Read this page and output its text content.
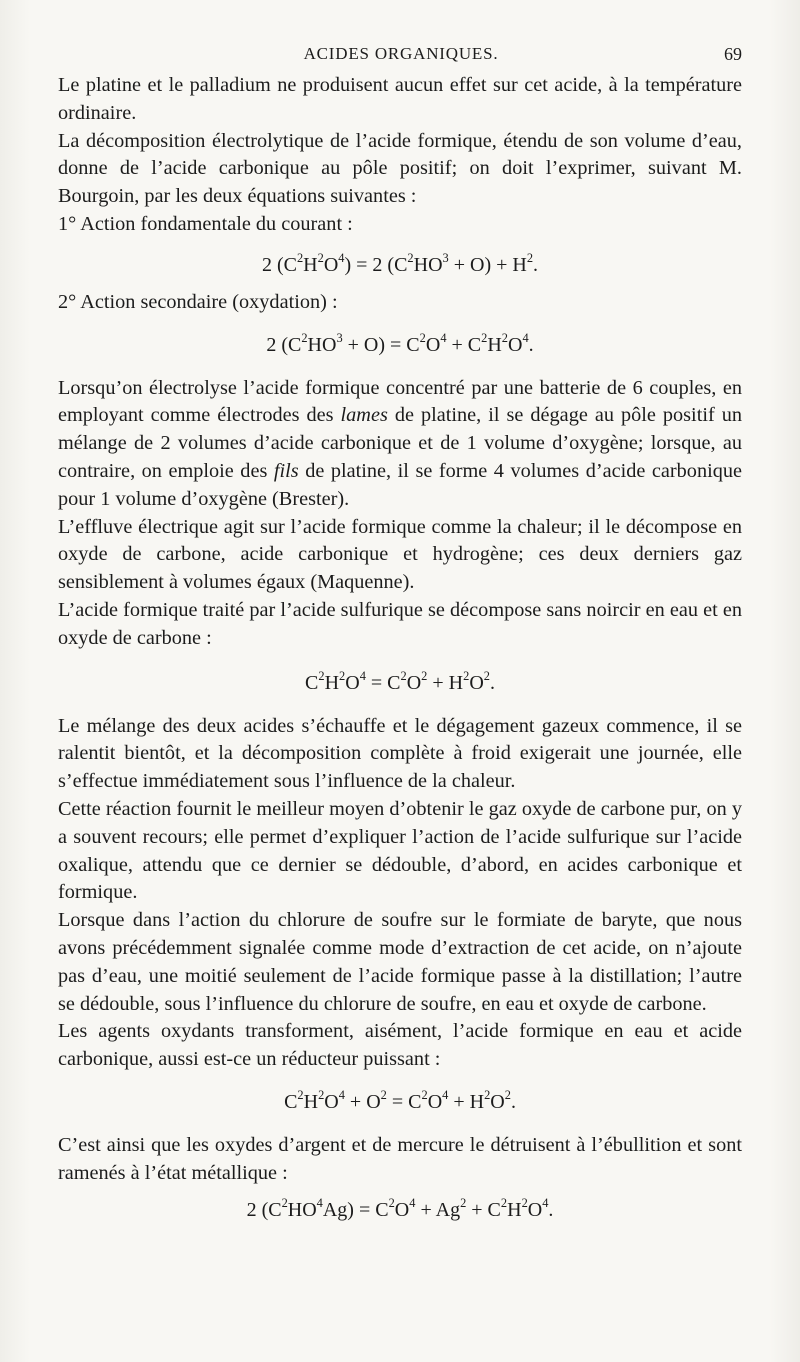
ACIDES ORGANIQUES.	69

Le platine et le palladium ne produisent aucun effet sur cet acide, à la température ordinaire.

La décomposition électrolytique de l’acide formique, étendu de son volume d’eau, donne de l’acide carbonique au pôle positif; on doit l’exprimer, suivant M. Bourgoin, par les deux équations suivantes :

1° Action fondamentale du courant :

2 $(C^2H^2O^4) = 2$ $(C^2HO^3 + O) + H^2$.

2° Action secondaire (oxydation) :

2 $(C^2HO^3 + O) = C^2O^4 + C^2H^2O^4$.

Lorsqu’on électrolyse l’acide formique concentré par une batterie de 6 couples, en employant comme électrodes des lames de platine, il se dégage au pôle positif un mélange de 2 volumes d’acide carbonique et de 1 volume d’oxygène; lorsque, au contraire, on emploie des fils de platine, il se forme 4 volumes d’acide carbonique pour 1 volume d’oxygène (Brester).

L’effluve électrique agit sur l’acide formique comme la chaleur; il le décompose en oxyde de carbone, acide carbonique et hydrogène; ces deux derniers gaz sensiblement à volumes égaux (Maquenne).

L’acide formique traité par l’acide sulfurique se décompose sans noircir en eau et en oxyde de carbone :

$C^2H^2O^4 = C^2O^2 + H^2O^2$.

Le mélange des deux acides s’échauffe et le dégagement gazeux commence, il se ralentit bientôt, et la décomposition complète à froid exigerait une journée, elle s’effectue immédiatement sous l’influence de la chaleur.

Cette réaction fournit le meilleur moyen d’obtenir le gaz oxyde de carbone pur, on y a souvent recours; elle permet d’expliquer l’action de l’acide sulfurique sur l’acide oxalique, attendu que ce dernier se dédouble, d’abord, en acides carbonique et formique.

Lorsque dans l’action du chlorure de soufre sur le formiate de baryte, que nous avons précédemment signalée comme mode d’extraction de cet acide, on n’ajoute pas d’eau, une moitié seulement de l’acide formique passe à la distillation; l’autre se dédouble, sous l’influence du chlorure de soufre, en eau et oxyde de carbone.

Les agents oxydants transforment, aisément, l’acide formique en eau et acide carbonique, aussi est-ce un réducteur puissant :

$C^2H^2O^4 + O^2 = C^2O^4 + H^2O^2$.

C’est ainsi que les oxydes d’argent et de mercure le détruisent à l’ébullition et sont ramenés à l’état métallique :

2 $(C^2HO^4Ag) = C^2O^4 + Ag^2 + C^2H^2O^4$.
